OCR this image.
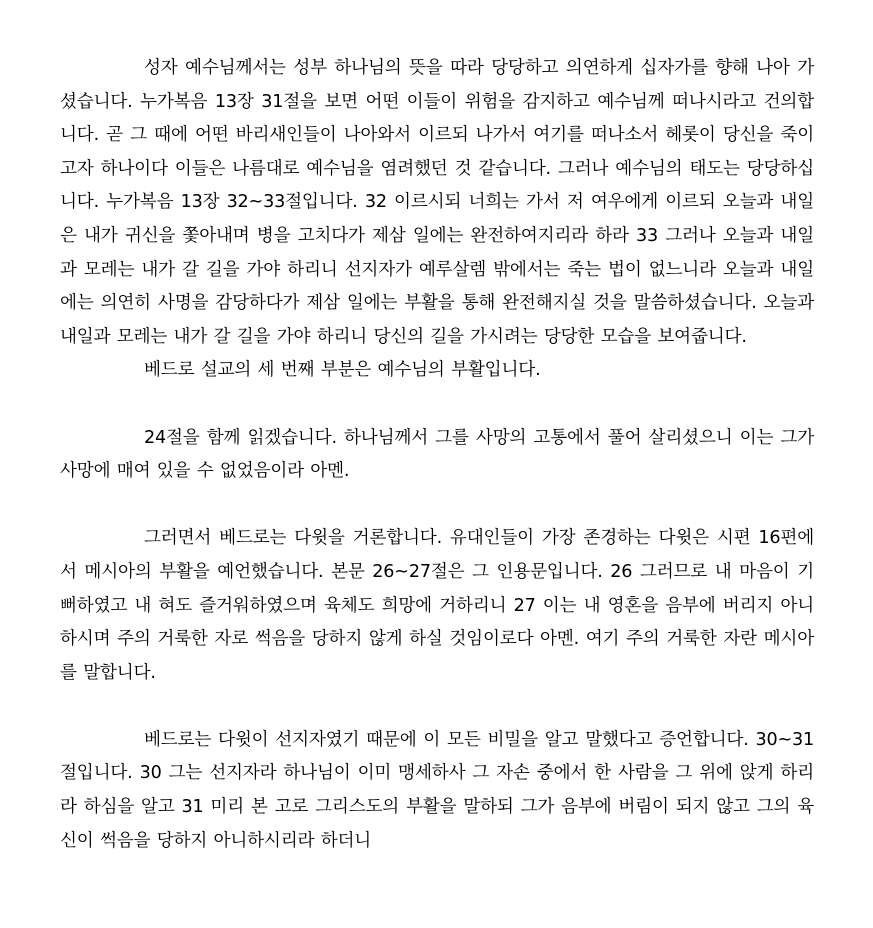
성자 예수님께서는 성부 하나님의 뜻을 따라 당당하고 의연하게 십자가를 향해 나아 가셨습니다. 누가복음 13장 31절을 보면 어떤 이들이 위험을 감지하고 예수님께 떠나시라고 건의합니다. 곧 그 때에 어떤 바리새인들이 나아와서 이르되 나가서 여기를 떠나소서 헤롯이 당신을 죽이고자 하나이다 이들은 나름대로 예수님을 염려했던 것 같습니다. 그러나 예수님의 태도는 당당하십니다. 누가복음 13장 32~33절입니다. 32 이르시되 너희는 가서 저 여우에게 이르되 오늘과 내일은 내가 귀신을 쫓아내며 병을 고치다가 제삼 일에는 완전하여지리라 하라 33 그러나 오늘과 내일과 모레는 내가 갈 길을 가야 하리니 선지자가 예루살렘 밖에서는 죽는 법이 없느니라 오늘과 내일에는 의연히 사명을 감당하다가 제삼 일에는 부활을 통해 완전해지실 것을 말씀하셨습니다. 오늘과 내일과 모레는 내가 갈 길을 가야 하리니 당신의 길을 가시려는 당당한 모습을 보여줍니다.

베드로 설교의 세 번째 부분은 예수님의 부활입니다.

24절을 함께 읽겠습니다. 하나님께서 그를 사망의 고통에서 풀어 살리셨으니 이는 그가 사망에 매여 있을 수 없었음이라 아멘.

그러면서 베드로는 다윗을 거론합니다. 유대인들이 가장 존경하는 다윗은 시편 16편에서 메시아의 부활을 예언했습니다. 본문 26~27절은 그 인용문입니다. 26 그러므로 내 마음이 기뻐하였고 내 혀도 즐거워하였으며 육체도 희망에 거하리니 27 이는 내 영혼을 음부에 버리지 아니하시며 주의 거룩한 자로 썩음을 당하지 않게 하실 것임이로다 아멘. 여기 주의 거룩한 자란 메시아를 말합니다.

베드로는 다윗이 선지자였기 때문에 이 모든 비밀을 알고 말했다고 증언합니다. 30~31절입니다. 30 그는 선지자라 하나님이 이미 맹세하사 그 자손 중에서 한 사람을 그 위에 앉게 하리라 하심을 알고 31 미리 본 고로 그리스도의 부활을 말하되 그가 음부에 버림이 되지 않고 그의 육신이 썩음을 당하지 아니하시리라 하더니
